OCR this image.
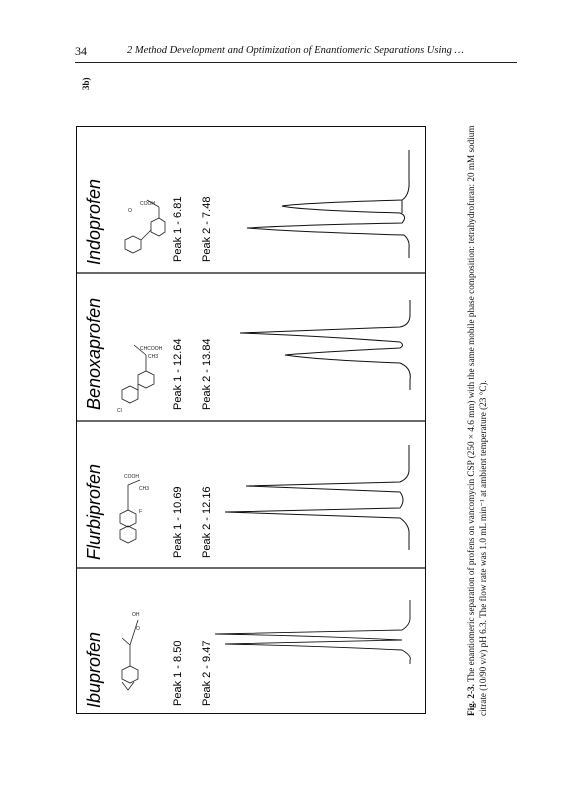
34	2 Method Development and Optimization of Enantiomeric Separations Using …
3b)
Indoprofen	Peak 1 - 6.81 Peak 2 - 7.48
COOH
O
Benoxaprofen	Peak 1 - 12.64 Peak 2 - 13.84
CHCOOH
CH3
Cl
Flurbiprofen	Peak 1 - 10.69 Peak 2 - 12.16
COOH
CH3
F
Ibuprofen	Peak 1 - 8.50 Peak 2 - 9.47
OH
O
Fig. 2-3. The enantiomeric separation of profens on vancomycin CSP (250 × 4.6 mm) with the same mobile phase composition: tetrahydrofuran: 20 mM sodium citrate (10/90 v/v) pH 6.3. The flow rate was 1.0 mL min⁻¹ at ambient temperature (23 °C).
